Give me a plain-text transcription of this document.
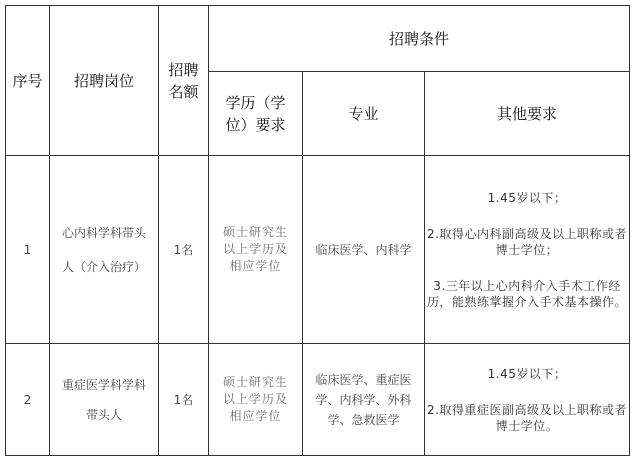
序号	招聘岗位	招聘名额	招聘条件		

			学历（学位）要求	专业	其他要求
1	心内科学科带头人（介入治疗）	1名	硕士研究生以上学历及相应学位	临床医学、内科学	1.45岁以下；
2.取得心内科副高级及以上职称或者博士学位；
3.三年以上心内科介入手术工作经历，能熟练掌握介入手术基本操作。

2	重症医学科学科带头人	1名	硕士研究生以上学历及相应学位	临床医学、重症医学、内科学、外科学、急救医学	1.45岁以下；
2.取得重症医副高级及以上职称或者博士学位。
